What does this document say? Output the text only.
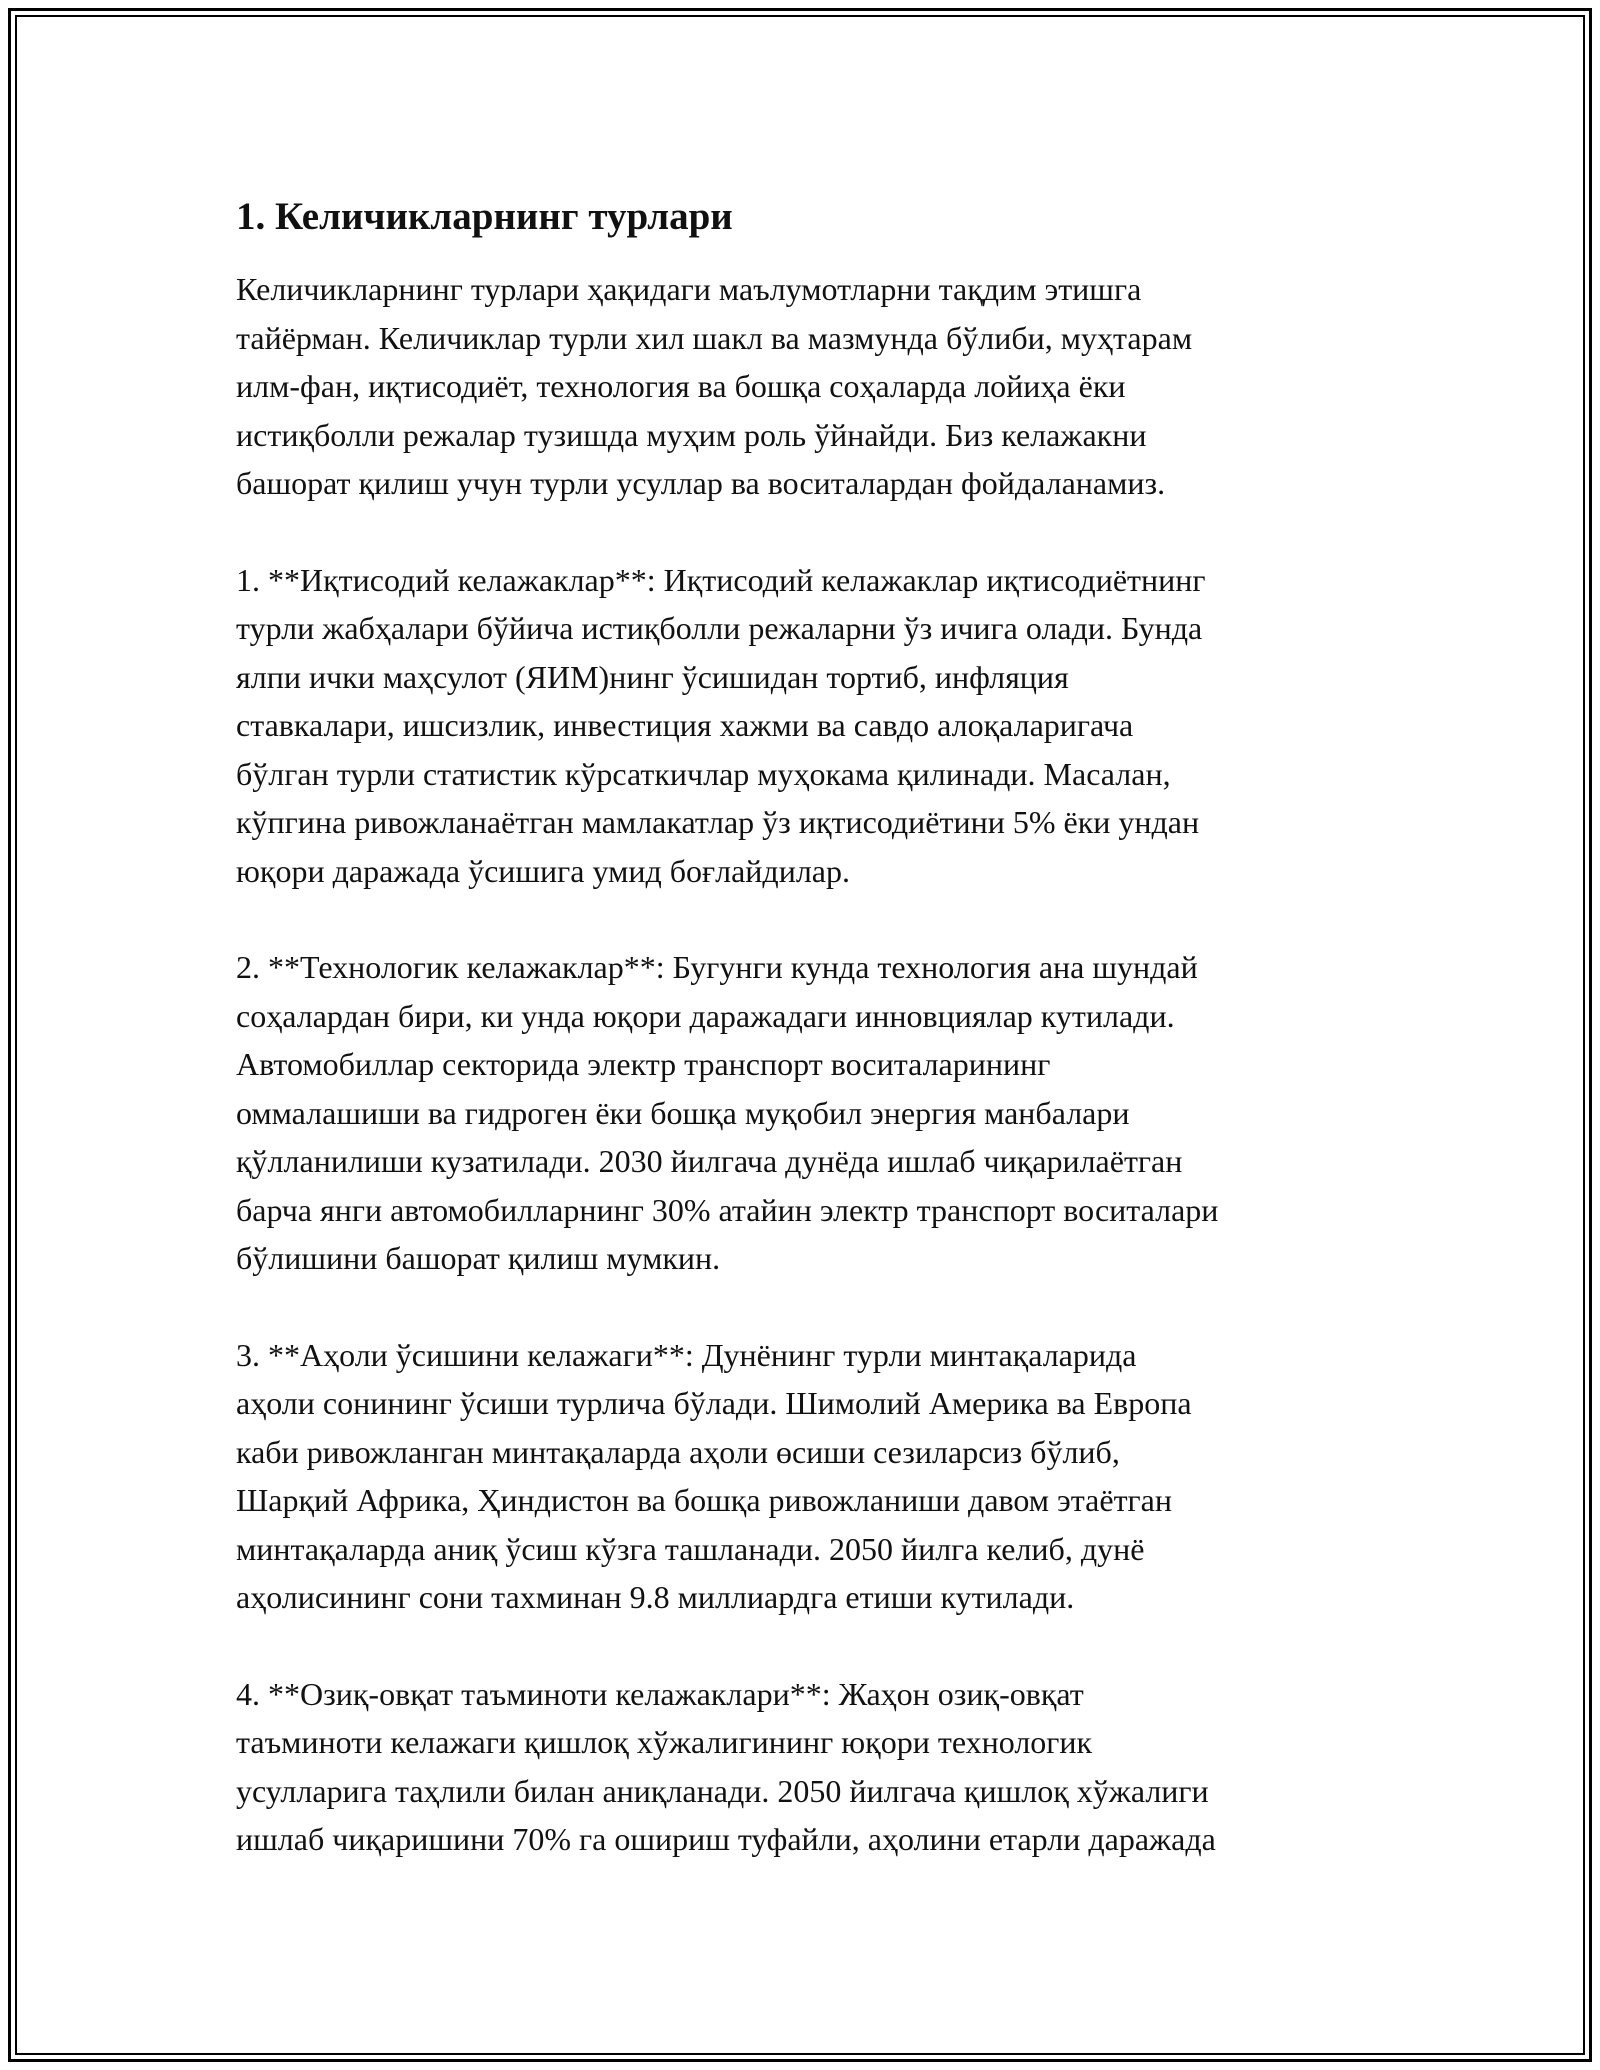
1. Келичикларнинг турлари

Келичикларнинг турлари ҳақидаги маълумотларни тақдим этишга
тайёрман. Келичиклар турли хил шакл ва мазмунда бўлиби, муҳтарам
илм-фан, иқтисодиёт, технология ва бошқа соҳаларда лойиҳа ёки
истиқболли режалар тузишда муҳим роль ўйнайди. Биз келажакни
башорат қилиш учун турли усуллар ва воситалардан фойдаланамиз.

1. **Иқтисодий келажаклар**: Иқтисодий келажаклар иқтисодиётнинг
турли жабҳалари бўйича истиқболли режаларни ўз ичига олади. Бунда
ялпи ички маҳсулот (ЯИМ)нинг ўсишидан тортиб, инфляция
ставкалари, ишсизлик, инвестиция хажми ва савдо алоқаларигача
бўлган турли статистик кўрсаткичлар муҳокама қилинади. Масалан,
кўпгина ривожланаётган мамлакатлар ўз иқтисодиётини 5% ёки ундан
юқори даражада ўсишига умид боғлайдилар.

2. **Технологик келажаклар**: Бугунги кунда технология ана шундай
соҳалардан бири, ки унда юқори даражадаги инновциялар кутилади.
Автомобиллар секторида электр транспорт воситаларининг
оммалашиши ва гидроген ёки бошқа муқобил энергия манбалари
қўлланилиши кузатилади. 2030 йилгача дунёда ишлаб чиқарилаётган
барча янги автомобилларнинг 30% атайин электр транспорт воситалари
бўлишини башорат қилиш мумкин.

3. **Аҳоли ўсишини келажаги**: Дунёнинг турли минтақаларида
аҳоли сонининг ўсиши турлича бўлади. Шимолий Америка ва Европа
каби ривожланган минтақаларда аҳоли өсиши сезиларсиз бўлиб,
Шарқий Африка, Ҳиндистон ва бошқа ривожланиши давом этаётган
минтақаларда аниқ ўсиш кўзга ташланади. 2050 йилга келиб, дунё
аҳолисининг сони тахминан 9.8 миллиардга етиши кутилади.

4. **Озиқ-овқат таъминоти келажаклари**: Жаҳон озиқ-овқат
таъминоти келажаги қишлоқ хўжалигининг юқори технологик
усулларига таҳлили билан аниқланади. 2050 йилгача қишлоқ хўжалиги
ишлаб чиқаришини 70% га ошириш туфайли, аҳолини етарли даражада
